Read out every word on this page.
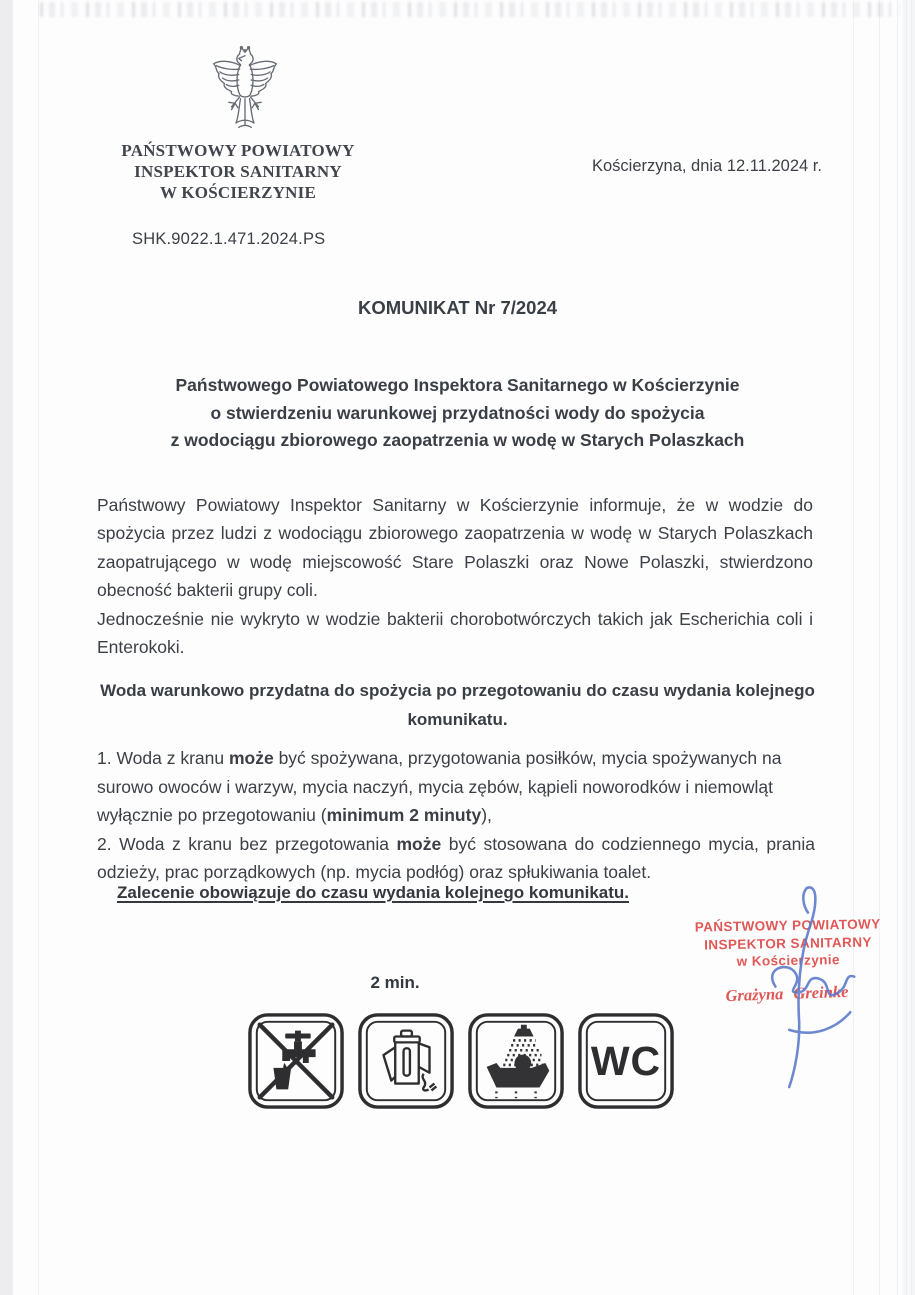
PAŃSTWOWY POWIATOWY
INSPEKTOR SANITARNY
W KOŚCIERZYNIE
Kościerzyna, dnia 12.11.2024 r.
SHK.9022.1.471.2024.PS
KOMUNIKAT Nr 7/2024
Państwowego Powiatowego Inspektora Sanitarnego w Kościerzynie
o stwierdzeniu warunkowej przydatności wody do spożycia
z wodociągu zbiorowego zaopatrzenia w wodę w Starych Polaszkach

Państwowy Powiatowy Inspektor Sanitarny w Kościerzynie informuje, że w wodzie do spożycia przez ludzi z wodociągu zbiorowego zaopatrzenia w wodę w Starych Polaszkach zaopatrującego w wodę miejscowość Stare Polaszki oraz Nowe Polaszki, stwierdzono obecność bakterii grupy coli.

Jednocześnie nie wykryto w wodzie bakterii chorobotwórczych takich jak Escherichia coli i Enterokoki.

Woda warunkowo przydatna do spożycia po przegotowaniu do czasu wydania kolejnego
komunikatu.

1. Woda z kranu może być spożywana, przygotowania posiłków, mycia spożywanych na surowo owoców i warzyw, mycia naczyń, mycia zębów, kąpieli noworodków i niemowląt wyłącznie po przegotowaniu (minimum 2 minuty),

2. Woda z kranu bez przegotowania może być stosowana do codziennego mycia, prania odzieży, prac porządkowych (np. mycia podłóg) oraz spłukiwania toalet.

Zalecenie obowiązuje do czasu wydania kolejnego komunikatu.
PAŃSTWOWY POWIATOWY
INSPEKTOR SANITARNY
w Kościerzynie
Grażyna Greinke
2 min.
WC
